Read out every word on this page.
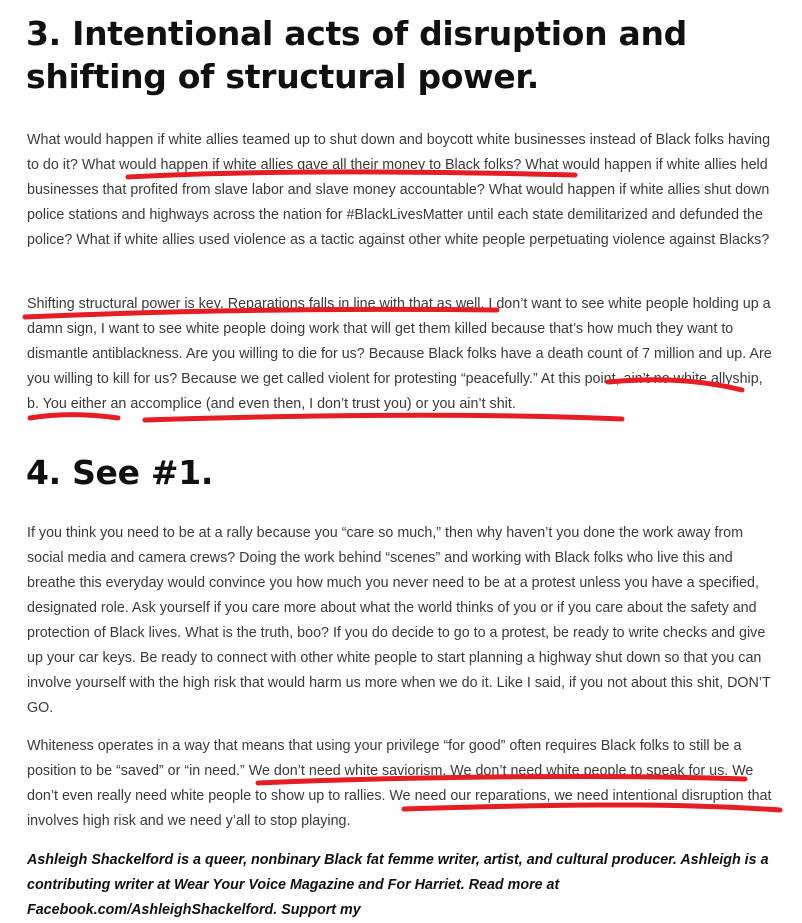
3. Intentional acts of disruption and shifting of structural power.

What would happen if white allies teamed up to shut down and boycott white businesses instead of Black folks having to do it? What would happen if white allies gave all their money to Black folks? What would happen if white allies held businesses that profited from slave labor and slave money accountable? What would happen if white allies shut down police stations and highways across the nation for #BlackLivesMatter until each state demilitarized and defunded the police? What if white allies used violence as a tactic against other white people perpetuating violence against Blacks?

Shifting structural power is key. Reparations falls in line with that as well. I don’t want to see white people holding up a damn sign, I want to see white people doing work that will get them killed because that’s how much they want to dismantle antiblackness. Are you willing to die for us? Because Black folks have a death count of 7 million and up. Are you willing to kill for us? Because we get called violent for protesting “peacefully.” At this point, ain’t no white allyship, b. You either an accomplice (and even then, I don’t trust you) or you ain’t shit.

4. See #1.

If you think you need to be at a rally because you “care so much,” then why haven’t you done the work away from social media and camera crews? Doing the work behind “scenes” and working with Black folks who live this and breathe this everyday would convince you how much you never need to be at a protest unless you have a specified, designated role. Ask yourself if you care more about what the world thinks of you or if you care about the safety and protection of Black lives. What is the truth, boo? If you do decide to go to a protest, be ready to write checks and give up your car keys. Be ready to connect with other white people to start planning a highway shut down so that you can involve yourself with the high risk that would harm us more when we do it. Like I said, if you not about this shit, DON’T GO.

Whiteness operates in a way that means that using your privilege “for good” often requires Black folks to still be a position to be “saved” or “in need.” We don’t need white saviorism. We don’t need white people to speak for us. We don’t even really need white people to show up to rallies. We need our reparations, we need intentional disruption that involves high risk and we need y’all to stop playing.

Ashleigh Shackelford is a queer, nonbinary Black fat femme writer, artist, and cultural producer. Ashleigh is a contributing writer at Wear Your Voice Magazine and For Harriet. Read more at Facebook.com/AshleighShackelford. Support my
